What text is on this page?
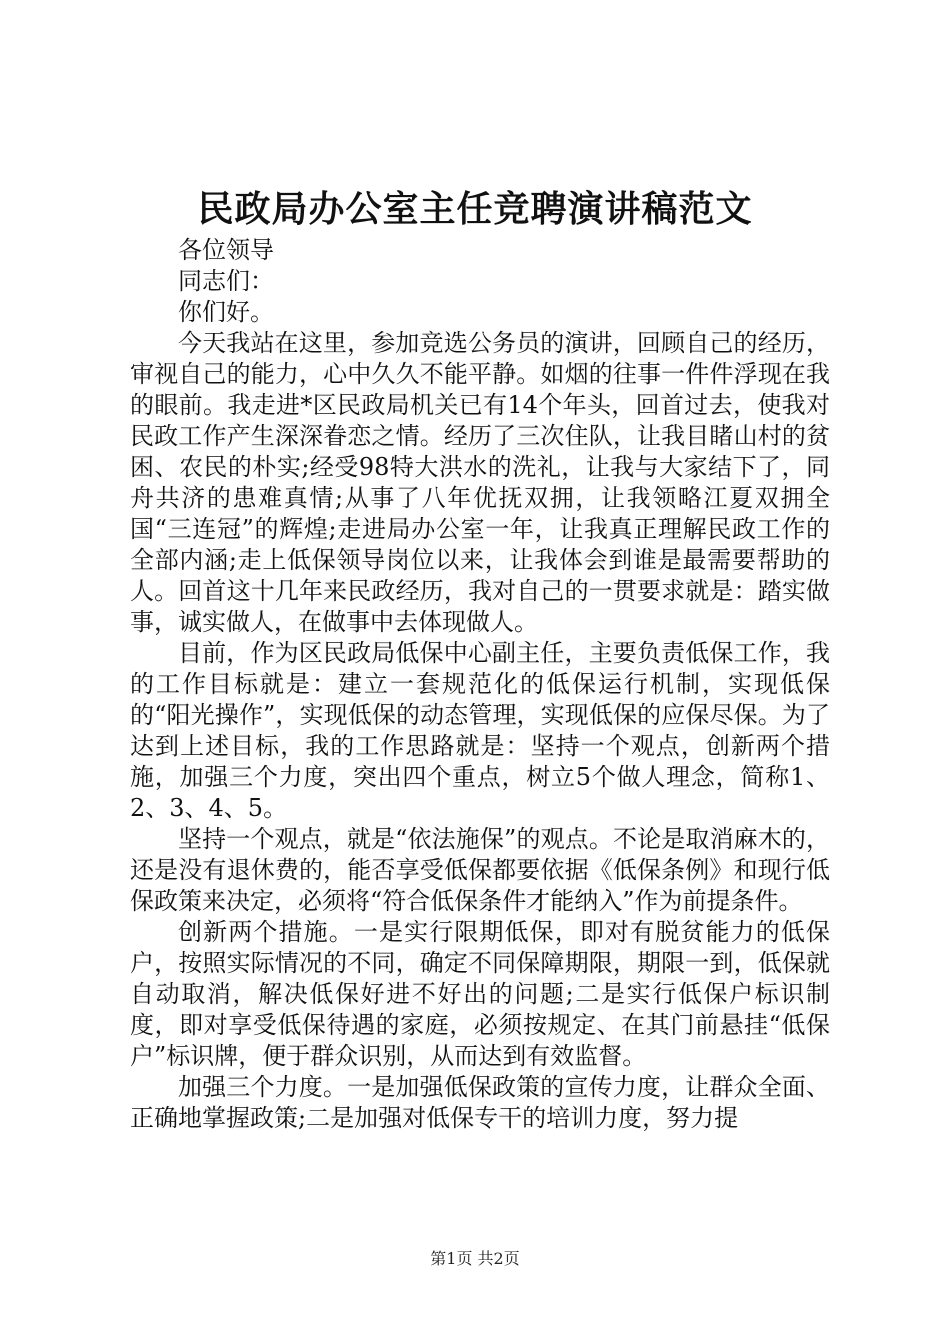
民政局办公室主任竞聘演讲稿范文

各位领导

同志们：

你们好。

今天我站在这里，参加竞选公务员的演讲，回顾自己的经历，审视自己的能力，心中久久不能平静。如烟的往事一件件浮现在我的眼前。我走进*区民政局机关已有14个年头，回首过去，使我对民政工作产生深深眷恋之情。经历了三次住队，让我目睹山村的贫困、农民的朴实;经受98特大洪水的洗礼，让我与大家结下了，同舟共济的患难真情;从事了八年优抚双拥，让我领略江夏双拥全国“三连冠”的辉煌;走进局办公室一年，让我真正理解民政工作的全部内涵;走上低保领导岗位以来，让我体会到谁是最需要帮助的人。回首这十几年来民政经历，我对自己的一贯要求就是：踏实做事，诚实做人，在做事中去体现做人。

目前，作为区民政局低保中心副主任，主要负责低保工作，我的工作目标就是：建立一套规范化的低保运行机制，实现低保的“阳光操作”，实现低保的动态管理，实现低保的应保尽保。为了达到上述目标，我的工作思路就是：坚持一个观点，创新两个措施，加强三个力度，突出四个重点，树立5个做人理念，简称1、2、3、4、5。

坚持一个观点，就是“依法施保”的观点。不论是取消麻木的，还是没有退休费的，能否享受低保都要依据《低保条例》和现行低保政策来决定，必须将“符合低保条件才能纳入”作为前提条件。

创新两个措施。一是实行限期低保，即对有脱贫能力的低保户，按照实际情况的不同，确定不同保障期限，期限一到，低保就自动取消，解决低保好进不好出的问题;二是实行低保户标识制度，即对享受低保待遇的家庭，必须按规定、在其门前悬挂“低保户”标识牌，便于群众识别，从而达到有效监督。

加强三个力度。一是加强低保政策的宣传力度，让群众全面、正确地掌握政策;二是加强对低保专干的培训力度，努力提

第1页 共2页
